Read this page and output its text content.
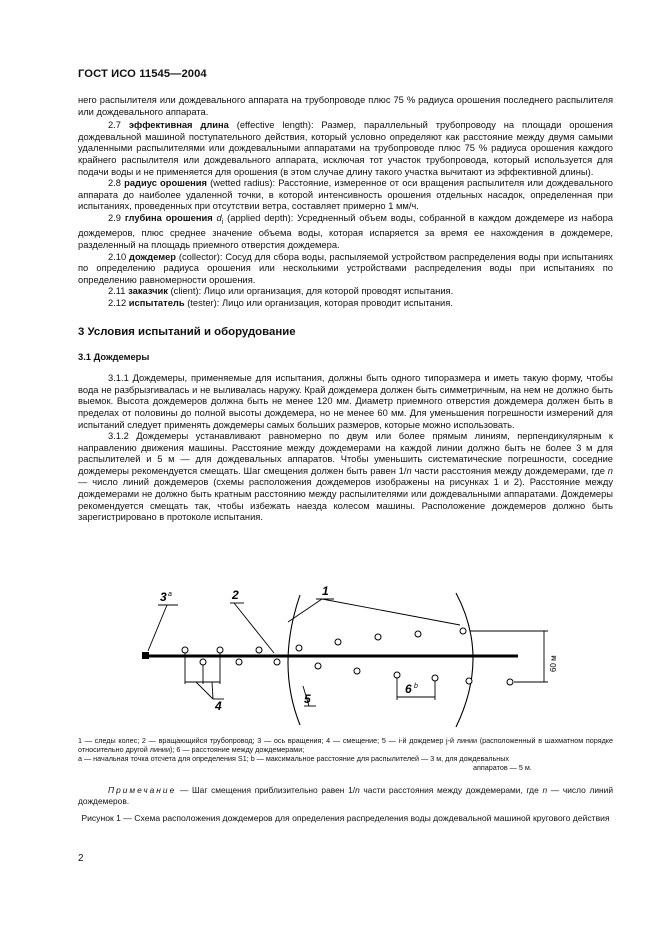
ГОСТ ИСО 11545—2004

него распылителя или дождевального аппарата на трубопроводе плюс 75 % радиуса орошения последнего распылителя или дождевального аппарата.

2.7 эффективная длина (effective length): Размер, параллельный трубопроводу на площади орошения дождевальной машиной поступательного действия, который условно определяют как расстояние между двумя самыми удаленными распылителями или дождевальными аппаратами на трубопроводе плюс 75 % радиуса орошения каждого крайнего распылителя или дождевального аппарата, исключая тот участок трубопровода, который используется для подачи воды и не применяется для орошения (в этом случае длину такого участка вычитают из эффективной длины).

2.8 радиус орошения (wetted radius): Расстояние, измеренное от оси вращения распылителя или дождевального аппарата до наиболее удаленной точки, в которой интенсивность орошения отдельных насадок, определенная при испытаниях, проведенных при отсутствии ветра, составляет примерно 1 мм/ч.

2.9 глубина орошения $d_i$ (applied depth): Усредненный объем воды, собранной в каждом дождемере из набора дождемеров, плюс среднее значение объема воды, которая испаряется за время ее нахождения в дождемере, разделенный на площадь приемного отверстия дождемера.

2.10 дождемер (collector): Сосуд для сбора воды, распыляемой устройством распределения воды при испытаниях по определению радиуса орошения или несколькими устройствами распределения воды при испытаниях по определению равномерности орошения.

2.11 заказчик (client): Лицо или организация, для которой проводят испытания.

2.12 испытатель (tester): Лицо или организация, которая проводит испытания.

3 Условия испытаний и оборудование
3.1 Дождемеры

3.1.1 Дождемеры, применяемые для испытания, должны быть одного типоразмера и иметь такую форму, чтобы вода не разбрызгивалась и не выливалась наружу. Край дождемера должен быть симметричным, на нем не должно быть выемок. Высота дождемеров должна быть не менее 120 мм. Диаметр приемного отверстия дождемера должен быть в пределах от половины до полной высоты дождемера, но не менее 60 мм. Для уменьшения погрешности измерений для испытаний следует применять дождемеры самых больших размеров, которые можно использовать.

3.1.2 Дождемеры устанавливают равномерно по двум или более прямым линиям, перпендикулярным к направлению движения машины. Расстояние между дождемерами на каждой линии должно быть не более 3 м для распылителей и 5 м — для дождевальных аппаратов. Чтобы уменьшить систематические погрешности, соседние дождемеры рекомендуется смещать. Шаг смещения должен быть равен 1/n части расстояния между дождемерами, где n — число линий дождемеров (схемы расположения дождемеров изображены на рисунках 1 и 2). Расстояние между дождемерами не должно быть кратным расстоянию между распылителями или дождевальными аппаратами. Дождемеры рекомендуется смещать так, чтобы избежать наезда колесом машины. Расположение дождемеров должно быть зарегистрировано в протоколе испытания.

3 a	2	1
4	5
6 b
60 м

1 — следы колес; 2 — вращающийся трубопровод; 3 — ось вращения; 4 — смещение; 5 — i-й дождемер j-й линии (расположенный в шахматном порядке относительно другой линии); 6 — расстояние между дождемерами;

a — начальная точка отсчета для определения S1; b — максимальное расстояние для распылителей — 3 м, для дождевальных

аппаратов — 5 м.

Примечание — Шаг смещения приблизительно равен 1/n части расстояния между дождемерами, где n — число линий дождемеров.

Рисунок 1 — Схема расположения дождемеров для определения распределения воды дождевальной машиной кругового действия
2
